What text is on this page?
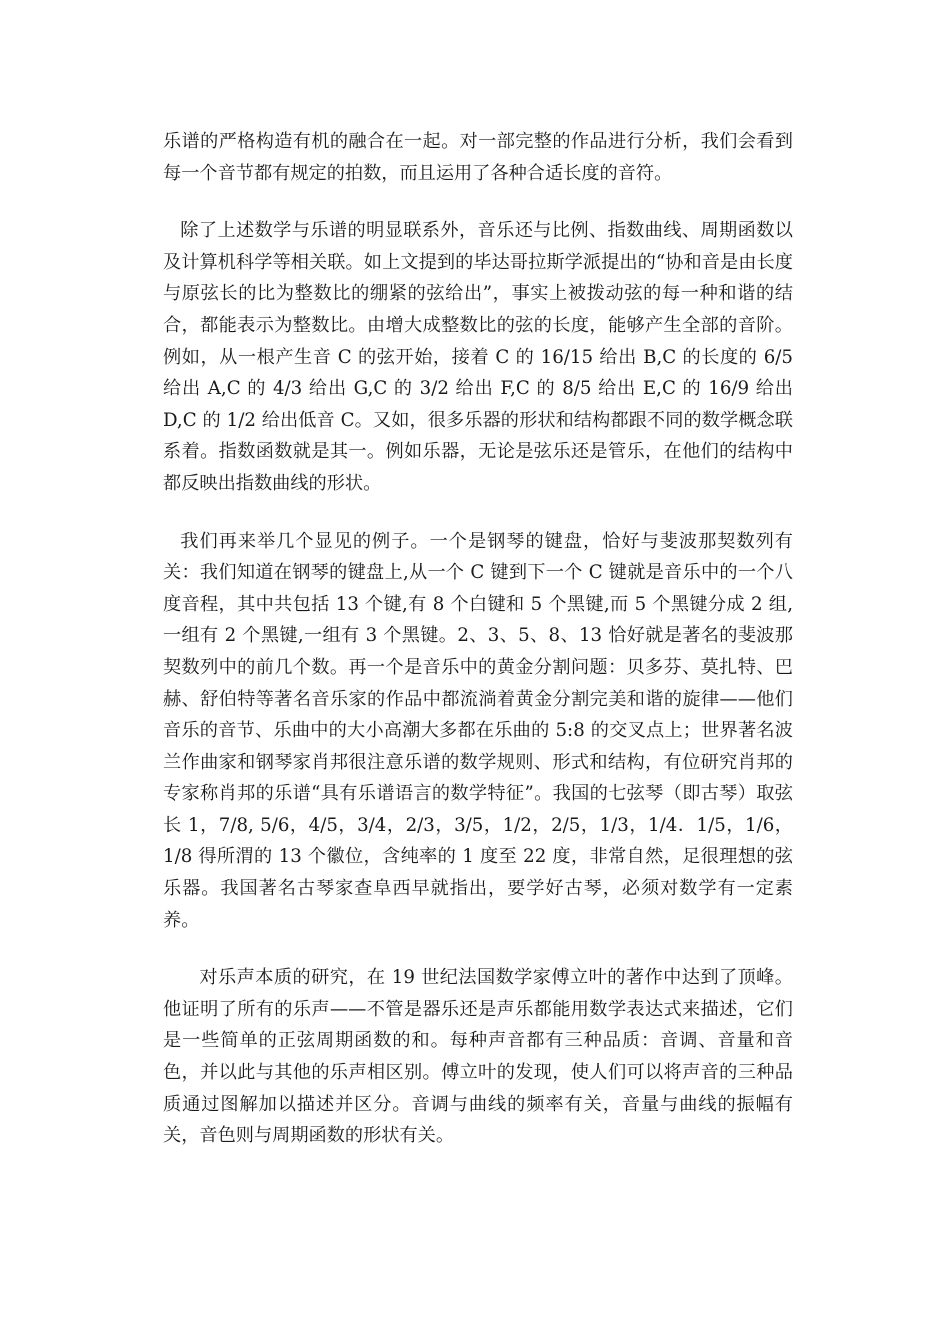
乐谱的严格构造有机的融合在一起。对一部完整的作品进行分析，我们会看到每一个音节都有规定的拍数，而且运用了各种合适长度的音符。

除了上述数学与乐谱的明显联系外，音乐还与比例、指数曲线、周期函数以及计算机科学等相关联。如上文提到的毕达哥拉斯学派提出的“协和音是由长度与原弦长的比为整数比的绷紧的弦给出”，事实上被拨动弦的每一种和谐的结合，都能表示为整数比。由增大成整数比的弦的长度，能够产生全部的音阶。例如，从一根产生音 C 的弦开始，接着 C 的 16/15 给出 B,C 的长度的 6/5 给出 A,C 的 4/3 给出 G,C 的 3/2 给出 F,C 的 8/5 给出 E,C 的 16/9 给出 D,C 的 1/2 给出低音 C。又如，很多乐器的形状和结构都跟不同的数学概念联系着。指数函数就是其一。例如乐器，无论是弦乐还是管乐，在他们的结构中都反映出指数曲线的形状。

我们再来举几个显见的例子。一个是钢琴的键盘，恰好与斐波那契数列有关：我们知道在钢琴的键盘上,从一个 C 键到下一个 C 键就是音乐中的一个八度音程，其中共包括 13 个键,有 8 个白键和 5 个黑键,而 5 个黑键分成 2 组,一组有 2 个黑键,一组有 3 个黑键。2、3、5、8、13 恰好就是著名的斐波那契数列中的前几个数。再一个是音乐中的黄金分割问题：贝多芬、莫扎特、巴赫、舒伯特等著名音乐家的作品中都流淌着黄金分割完美和谐的旋律——他们音乐的音节、乐曲中的大小高潮大多都在乐曲的 5:8 的交叉点上；世界著名波兰作曲家和钢琴家肖邦很注意乐谱的数学规则、形式和结构，有位研究肖邦的专家称肖邦的乐谱“具有乐谱语言的数学特征”。我国的七弦琴（即古琴）取弦长 1，7/8, 5/6，4/5，3/4，2/3，3/5，1/2，2/5，1/3，1/4．1/5，1/6，1/8 得所渭的 13 个徽位，含纯率的 1 度至 22 度，非常自然，足很理想的弦乐器。我国著名古琴家查阜西早就指出，要学好古琴，必须对数学有一定素养。

对乐声本质的研究，在 19 世纪法国数学家傅立叶的著作中达到了顶峰。他证明了所有的乐声——不管是器乐还是声乐都能用数学表达式来描述，它们是一些简单的正弦周期函数的和。每种声音都有三种品质：音调、音量和音色，并以此与其他的乐声相区别。傅立叶的发现，使人们可以将声音的三种品质通过图解加以描述并区分。音调与曲线的频率有关，音量与曲线的振幅有关，音色则与周期函数的形状有关。
